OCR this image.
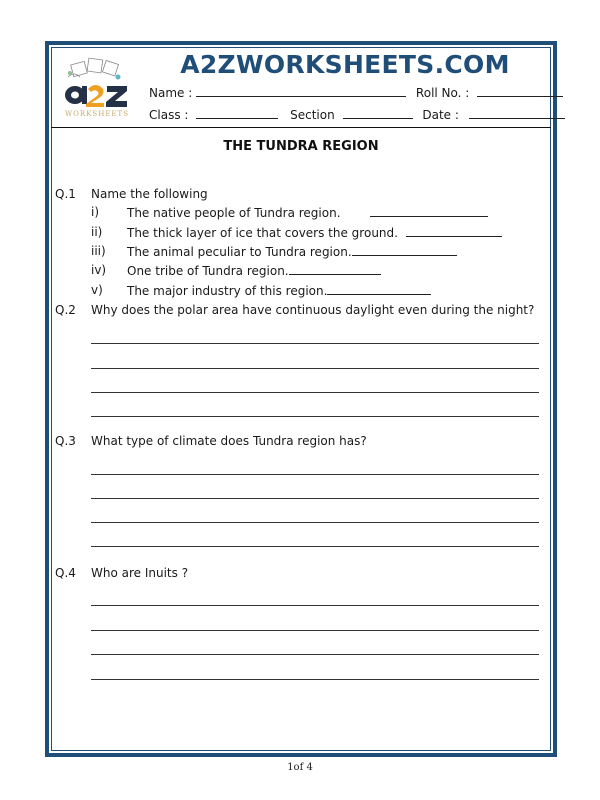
WORKSHEETS
A2ZWORKSHEETS.COM
Name :	Roll No. :
Class :	Section	Date :
THE TUNDRA REGION
Q.1 Name the following
i) The native people of Tundra region.
ii) The thick layer of ice that covers the ground.
iii) The animal peculiar to Tundra region.
iv) One tribe of Tundra region.
v) The major industry of this region.
Q.2 Why does the polar area have continuous daylight even during the night?
Q.3 What type of climate does Tundra region has?
Q.4 Who are Inuits ?
1of 4
